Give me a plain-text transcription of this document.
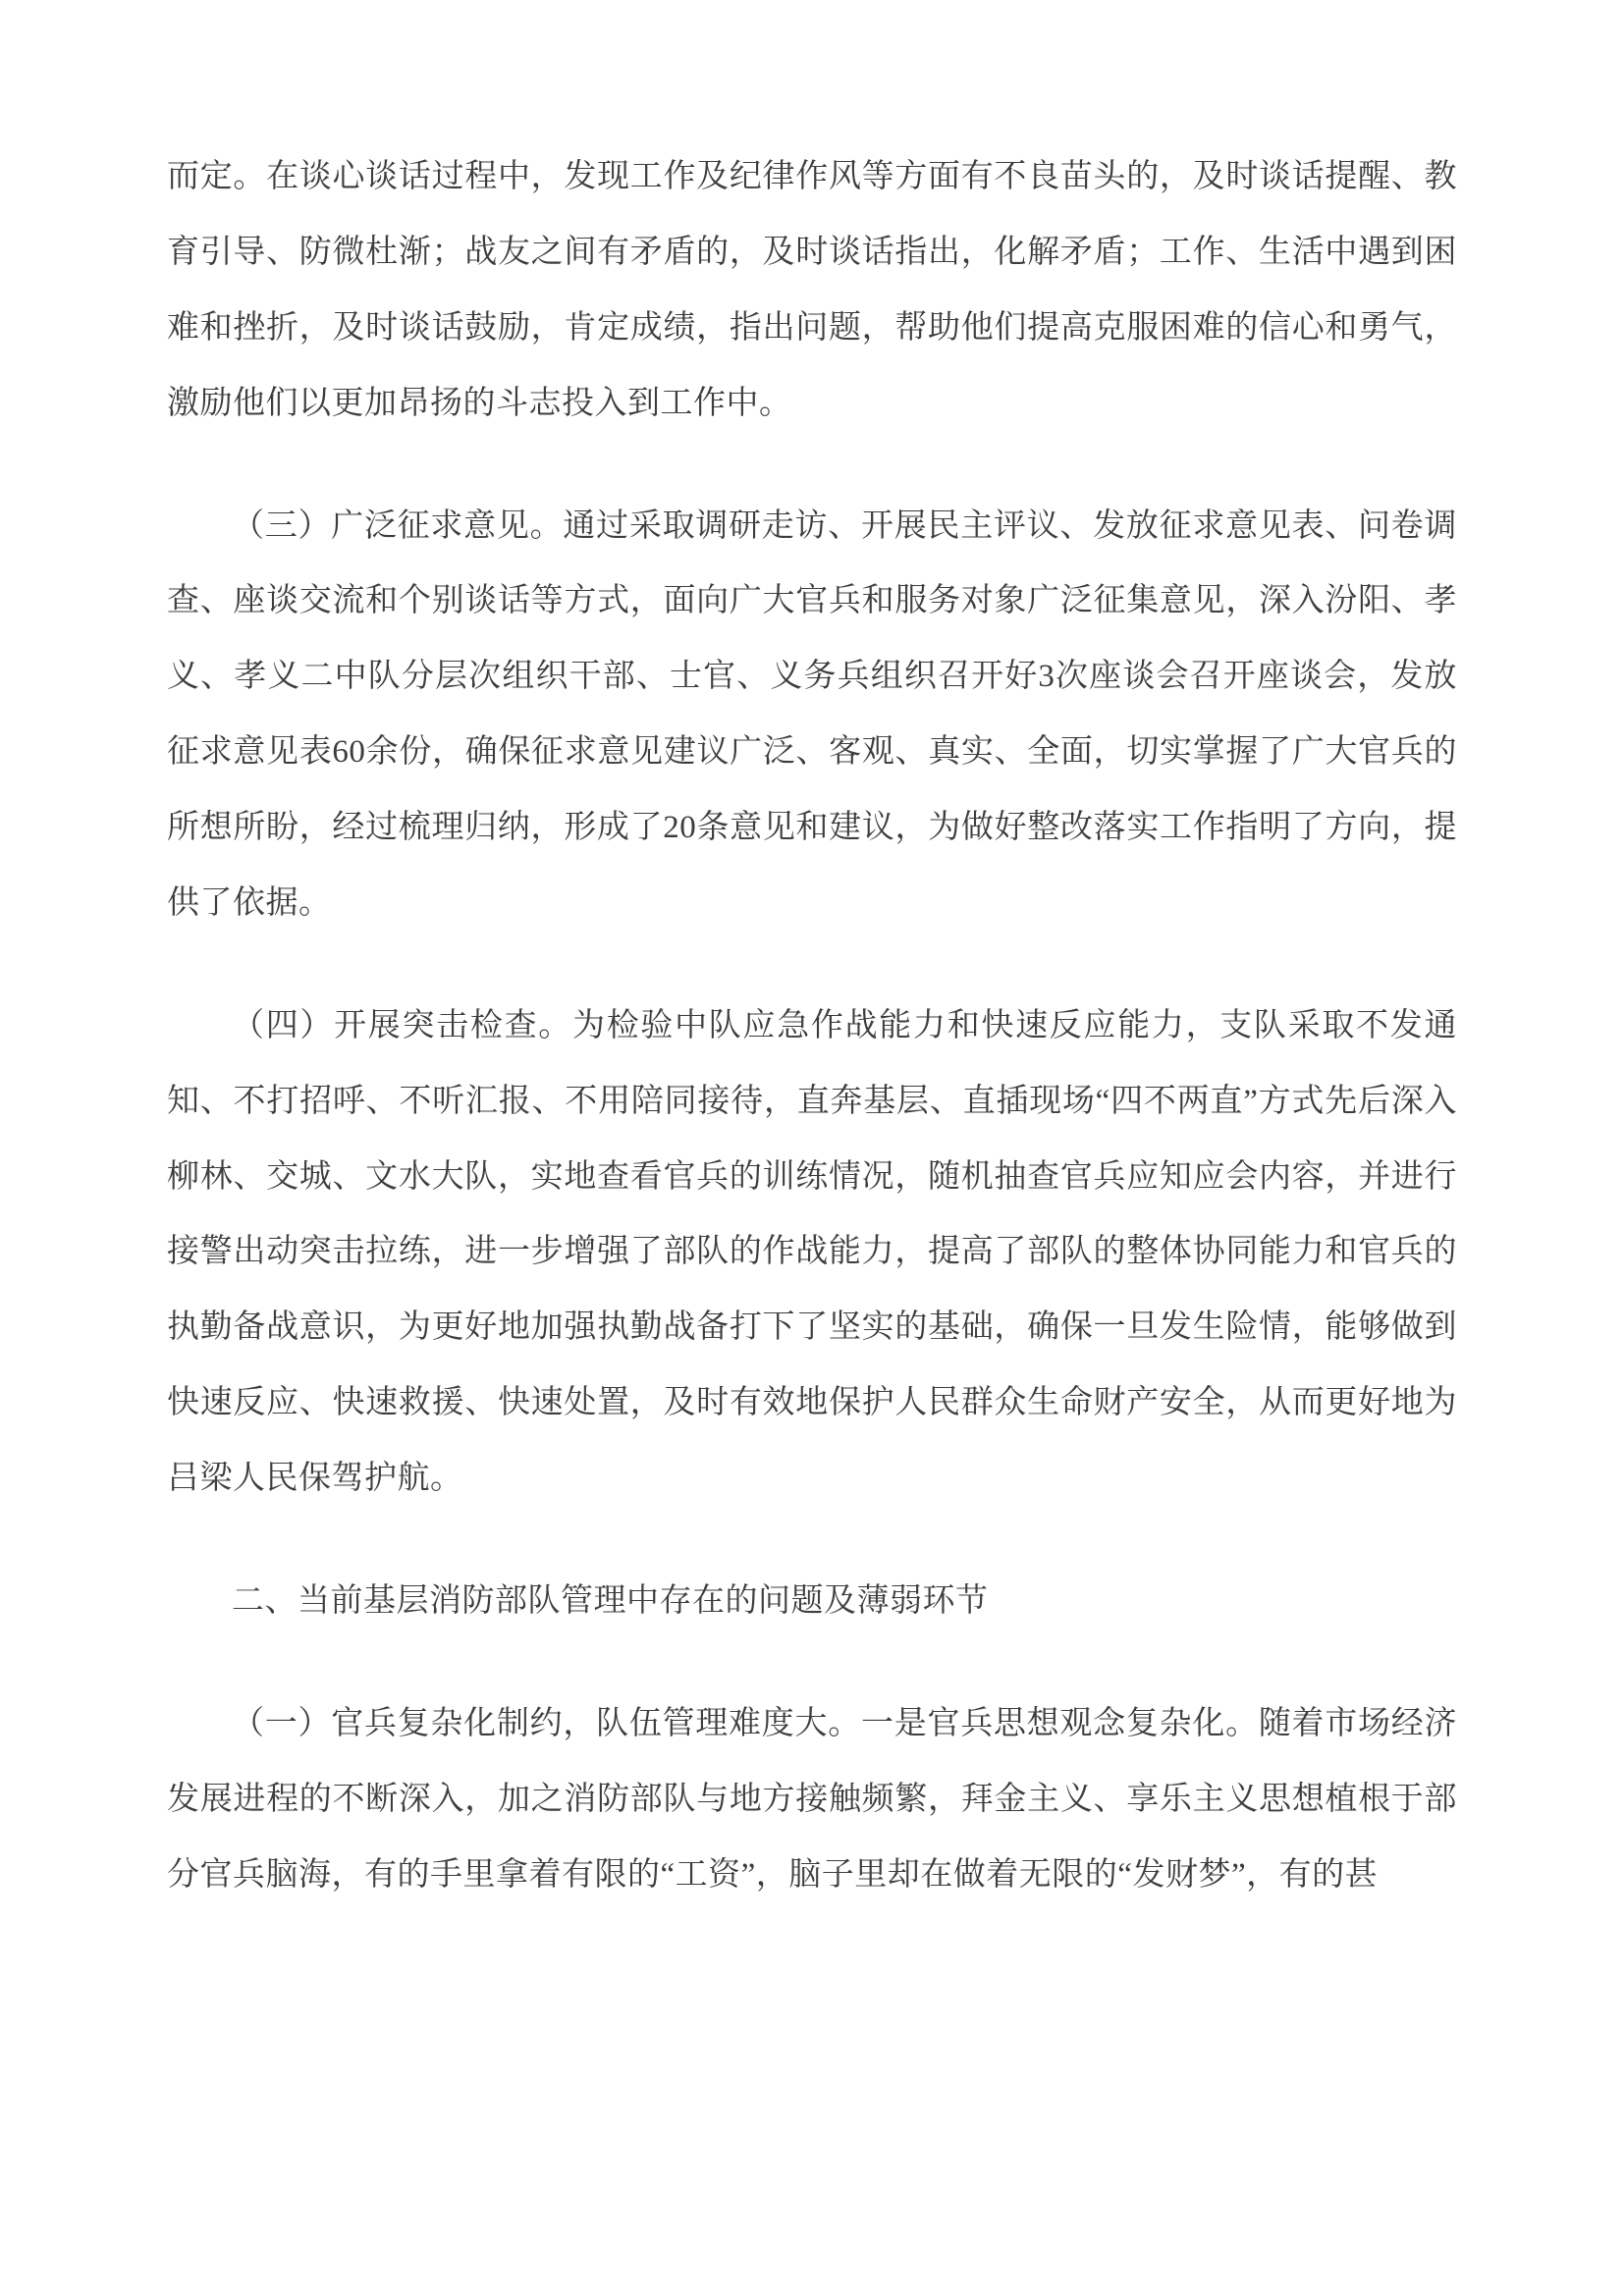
而定。在谈心谈话过程中，发现工作及纪律作风等方面有不良苗头的，及时谈话提醒、教育引导、防微杜渐；战友之间有矛盾的，及时谈话指出，化解矛盾；工作、生活中遇到困难和挫折，及时谈话鼓励，肯定成绩，指出问题，帮助他们提高克服困难的信心和勇气，激励他们以更加昂扬的斗志投入到工作中。

（三）广泛征求意见。通过采取调研走访、开展民主评议、发放征求意见表、问卷调查、座谈交流和个别谈话等方式，面向广大官兵和服务对象广泛征集意见，深入汾阳、孝义、孝义二中队分层次组织干部、士官、义务兵组织召开好3次座谈会召开座谈会，发放征求意见表60余份，确保征求意见建议广泛、客观、真实、全面，切实掌握了广大官兵的所想所盼，经过梳理归纳，形成了20条意见和建议，为做好整改落实工作指明了方向，提供了依据。

（四）开展突击检查。为检验中队应急作战能力和快速反应能力，支队采取不发通知、不打招呼、不听汇报、不用陪同接待，直奔基层、直插现场“四不两直”方式先后深入柳林、交城、文水大队，实地查看官兵的训练情况，随机抽查官兵应知应会内容，并进行接警出动突击拉练，进一步增强了部队的作战能力，提高了部队的整体协同能力和官兵的执勤备战意识，为更好地加强执勤战备打下了坚实的基础，确保一旦发生险情，能够做到快速反应、快速救援、快速处置，及时有效地保护人民群众生命财产安全，从而更好地为吕梁人民保驾护航。

二、当前基层消防部队管理中存在的问题及薄弱环节

（一）官兵复杂化制约，队伍管理难度大。一是官兵思想观念复杂化。随着市场经济发展进程的不断深入，加之消防部队与地方接触频繁，拜金主义、享乐主义思想植根于部分官兵脑海，有的手里拿着有限的“工资”，脑子里却在做着无限的“发财梦”，有的甚
